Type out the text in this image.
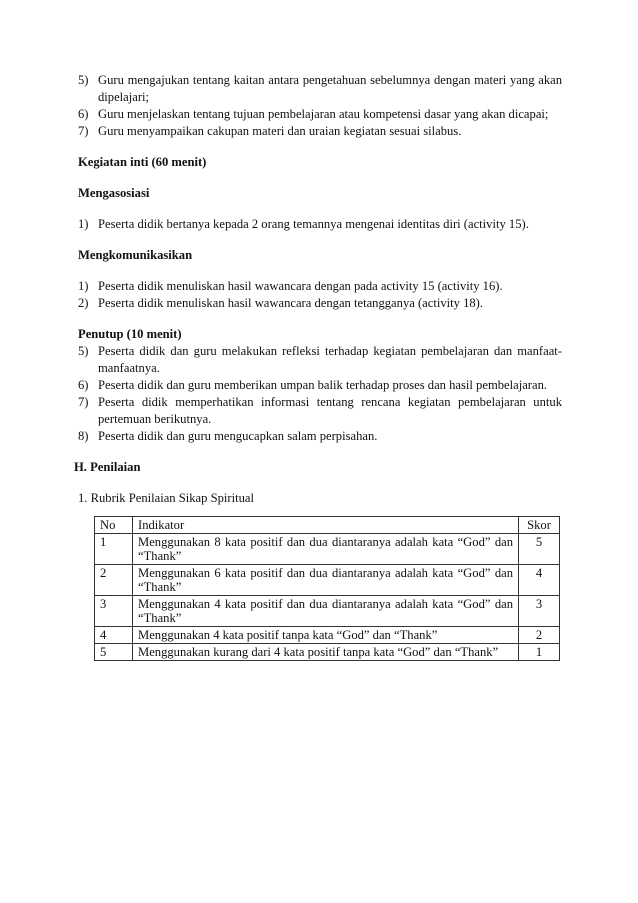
5) Guru mengajukan tentang kaitan antara pengetahuan sebelumnya dengan materi yang akan dipelajari;
6) Guru menjelaskan tentang tujuan pembelajaran atau kompetensi dasar yang akan dicapai;
7) Guru menyampaikan cakupan materi dan uraian kegiatan sesuai silabus.
Kegiatan inti (60 menit)
Mengasosiasi
1) Peserta didik bertanya kepada 2 orang temannya mengenai identitas diri (activity 15).
Mengkomunikasikan
1) Peserta didik menuliskan hasil wawancara dengan pada activity 15 (activity 16).
2) Peserta didik menuliskan hasil wawancara dengan tetangganya (activity 18).
Penutup (10 menit)
5) Peserta didik dan guru melakukan refleksi terhadap kegiatan pembelajaran dan manfaat-manfaatnya.
6) Peserta didik dan guru memberikan umpan balik terhadap proses dan hasil pembelajaran.
7) Peserta didik memperhatikan informasi tentang rencana kegiatan pembelajaran untuk pertemuan berikutnya.
8) Peserta didik dan guru mengucapkan salam perpisahan.
H. Penilaian
1. Rubrik Penilaian Sikap Spiritual
No	Indikator	Skor
1	Menggunakan 8 kata positif dan dua diantaranya adalah kata “God” dan “Thank”	5
2	Menggunakan 6 kata positif dan dua diantaranya adalah kata “God” dan “Thank”	4
3	Menggunakan 4 kata positif dan dua diantaranya adalah kata “God” dan “Thank”	3
4	Menggunakan 4 kata positif tanpa kata “God” dan “Thank”	2
5	Menggunakan kurang dari 4 kata positif tanpa kata “God” dan “Thank”	1
